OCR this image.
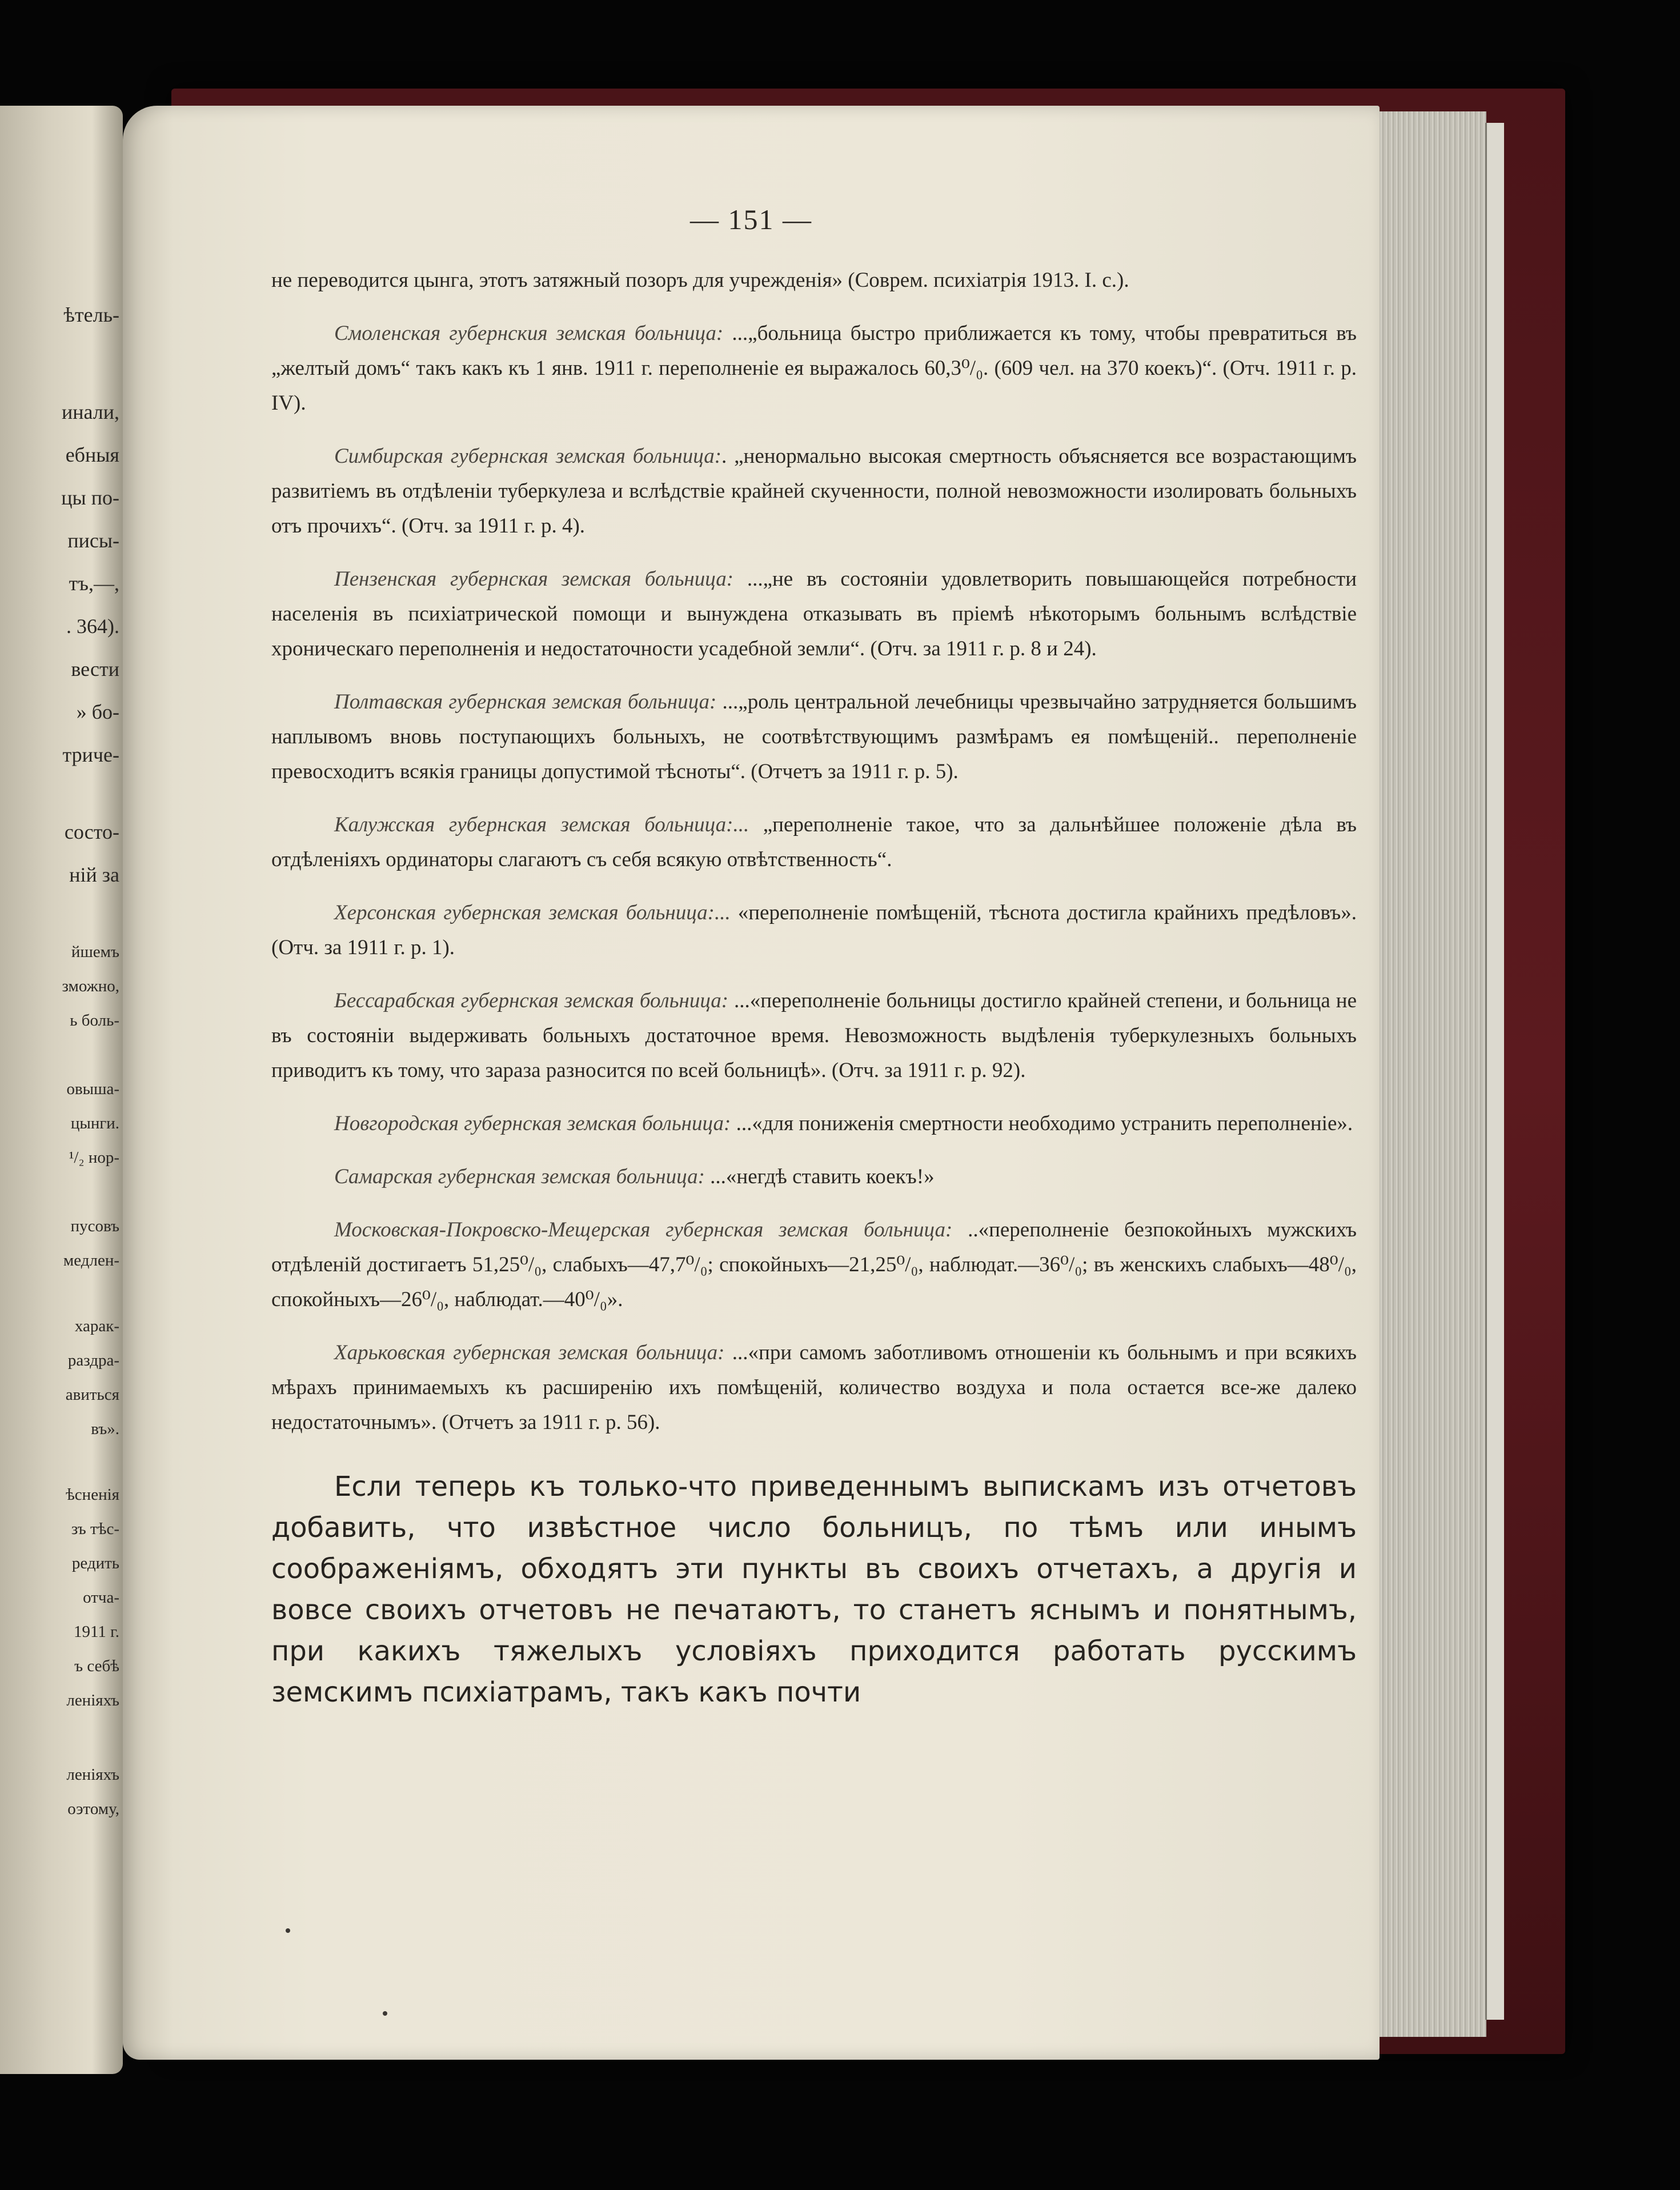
ѣтель-
инали,
ебныя
цы по-
писы-
тъ,—,
. 364).
вести
» бо-
триче-
состо-
ній за
йшемъ
зможно,
ь боль-
овыша-
цынги.
¹/₂ нор-
пусовъ
медлен-
харак-
раздра-
авиться
въ».
ѣсненія
зъ тѣс-
редить
отча-
1911 г.
ъ себѣ
леніяхъ
леніяхъ
оэтому,
— 151 —

не переводится цынга, этотъ затяжный позоръ для учрежденія» (Соврем. психіатрія 1913. I. c.).

Смоленская губернския земская больница: ...„больница быстро приближается къ тому, чтобы превратиться въ „желтый домъ“ такъ какъ къ 1 янв. 1911 г. переполненіе ея выражалось 60,3⁰/₀. (609 чел. на 370 коекъ)“. (Отч. 1911 г. р. IV).

Симбирская губернская земская больница:. „ненормально высокая смертность объясняется все возрастающимъ развитіемъ въ отдѣленіи туберкулеза и вслѣдствіе крайней скученности, полной невозможности изолировать больныхъ отъ прочихъ“. (Отч. за 1911 г. р. 4).

Пензенская губернская земская больница: ...„не въ состояніи удовлетворить повышающейся потребности населенія въ психіатрической помощи и вынуждена отказывать въ пріемѣ нѣкоторымъ больнымъ вслѣдствіе хроническаго переполненія и недостаточности усадебной земли“. (Отч. за 1911 г. р. 8 и 24).

Полтавская губернская земская больница: ...„роль центральной лечебницы чрезвычайно затрудняется большимъ наплывомъ вновь поступающихъ больныхъ, не соотвѣтствующимъ размѣрамъ ея помѣщеній.. переполненіе превосходитъ всякія границы допустимой тѣсноты“. (Отчетъ за 1911 г. р. 5).

Калужская губернская земская больница:... „переполненіе такое, что за дальнѣйшее положеніе дѣла въ отдѣленіяхъ ординаторы слагаютъ съ себя всякую отвѣтственность“.

Херсонская губернская земская больница:... «переполненіе помѣщеній, тѣснота достигла крайнихъ предѣловъ». (Отч. за 1911 г. р. 1).

Бессарабская губернская земская больница: ...«переполненіе больницы достигло крайней степени, и больница не въ состояніи выдерживать больныхъ достаточное время. Невозможность выдѣленія туберкулезныхъ больныхъ приводитъ къ тому, что зараза разносится по всей больницѣ». (Отч. за 1911 г. р. 92).

Новгородская губернская земская больница: ...«для пониженія смертности необходимо устранить переполненіе».

Самарская губернская земская больница: ...«негдѣ ставить коекъ!»

Московская-Покровско-Мещерская губернская земская больница: ..«переполненіе безпокойныхъ мужскихъ отдѣленій достигаетъ 51,25⁰/₀, слабыхъ—47,7⁰/₀; спокойныхъ—21,25⁰/₀, наблюдат.—36⁰/₀; въ женскихъ слабыхъ—48⁰/₀, спокойныхъ—26⁰/₀, наблюдат.—40⁰/₀».

Харьковская губернская земская больница: ...«при самомъ заботливомъ отношеніи къ больнымъ и при всякихъ мѣрахъ принимаемыхъ къ расширенію ихъ помѣщеній, количество воздуха и пола остается все-же далеко недостаточнымъ». (Отчетъ за 1911 г. р. 56).

Если теперь къ только-что приведеннымъ выпискамъ изъ отчетовъ добавить, что извѣстное число больницъ, по тѣмъ или инымъ соображеніямъ, обходятъ эти пункты въ своихъ отчетахъ, а другія и вовсе своихъ отчетовъ не печатаютъ, то станетъ яснымъ и понятнымъ, при какихъ тяжелыхъ условіяхъ приходится работать русскимъ земскимъ психіатрамъ, такъ какъ почти
